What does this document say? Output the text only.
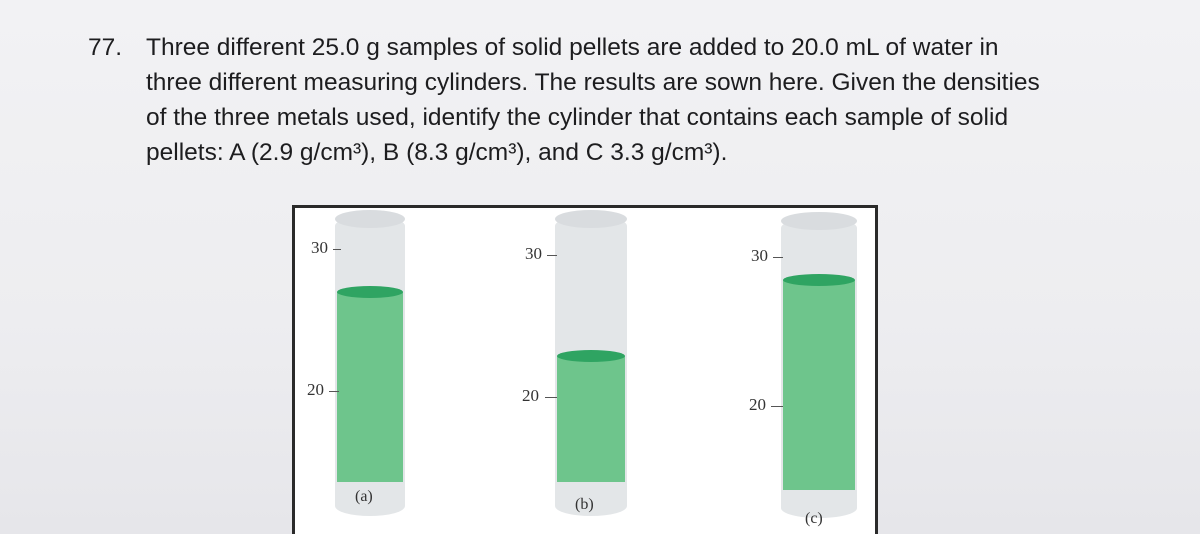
77. Three different 25.0 g samples of solid pellets are added to 20.0 mL of water in
three different measuring cylinders. The results are sown here. Given the densities
of the three metals used, identify the cylinder that contains each sample of solid
pellets: A (2.9 g/cm³), B (8.3 g/cm³), and C 3.3 g/cm³).
30
20
(a)
30
20
(b)
30
20
(c)
